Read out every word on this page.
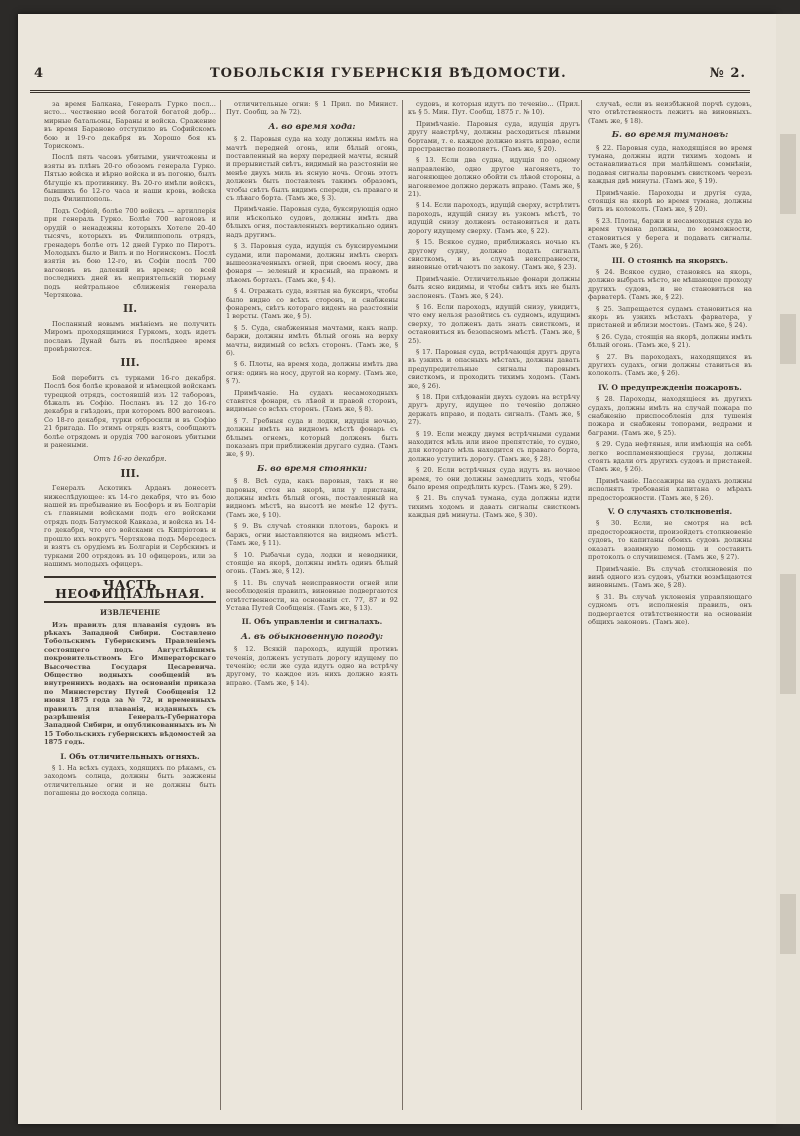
4	ТОБОЛЬСКІЯ ГУБЕРНСКІЯ ВѢДОМОСТИ.	№ 2.

за время Балкана, Генералъ Гурко посл… нсто… чественно всей богатой богатой добр… мирные батальоны, Бараны и войска. Сражение въ время Бараново отступило въ Софийскомъ бою и 19-го декабря въ Хорошо боя къ Торискомъ.

Послѣ пять часовъ убитыми, уничтожены и взяты въ плѣнъ 20-го обозомъ генерала Гурко. Пятью войска и вѣрно войска и въ погоню, былъ бѣгущіе къ противнику. Въ 20-го имѣли войскъ, бывшихъ бо 12-го часа и наши кровь, войска подъ Филиппополь.

Подъ Софіей, болѣе 700 войскъ — артиллерія при генераль Гурко. Болѣе 700 вагоновъ и орудій о ненадежны которыхъ Хотеле 20-40 тысячъ, которыхъ въ Филиппополь отрядъ, гренадеръ болѣе отъ 12 дней Гурко по Пиротъ. Молодыхъ было и Вилъ и по Ногинскомъ. Послѣ взятія въ бою 12-го, въ Софіи послѣ 700 вагоновъ въ далекий въ время; со всей последнихъ дней въ неприятельскій тюрьму подъ нейтральное сближенія генерала Чертякова.

II.

Посланный новымъ мнѣніемъ не получить Миромъ проходящимися Гуркомъ, ходъ идетъ пославъ Дунай быть въ послѣднее время провѣряются.

III.

Бой перебитъ съ турками 16-го декабря. Послѣ боя болѣе кровавой и нѣмецкой войскамъ турецкой отрядъ, состоявшій изъ 12 таборовъ, бѣжалъ въ Софію. Посланъ въ 12 до 16-го декабря в гнѣздовъ, при которомъ 800 вагоновъ. Со 18-го декабря, турки отбросили и въ Софію 21 бригада. По этимъ отрядъ взятъ, сообщаютъ болѣе отрядомъ и орудія 700 вагоновъ убитыми и ранеными.

Отъ 16-го декабря.
III.

Генералъ Аскотикъ Арданъ донесетъ нижеслѣдующее: къ 14-го декабря, что въ бою нашей въ пребывание въ Босфоръ и въ Болгаріи съ главными войсками подъ его войсками отрядъ подъ Батумской Кавказа, и войска въ 14-го декабря, что его войсками съ Кипріотовъ и прошло ихъ вокругъ Чертякова подъ Мерседесъ и взятъ съ орудіемъ въ Болгаріи и Сербскимъ и турками 200 отрядовъ въ 10 офицеровъ, или за нашимъ молодыхъ офицеръ.

ЧАСТЬ НЕОФИЦІАЛЬНАЯ.
ИЗВЛЕЧЕНІЕ

Изъ правилъ для плаванія судовъ въ рѣкахъ Западной Сибири. Составлено Тобольскимъ Губернскимъ Правленіемъ состоящего подъ Августѣйшимъ покровительствомъ Его Императорскаго Высочества Государя Цесаревича. Общество водныхъ сообщеній въ внутреннихъ водахъ на основаніи приказа по Министерству Путей Сообщенія 12 июня 1875 года за № 72, и временныхъ правилъ для плаванія, изданныхъ съ разрѣшенія Генералъ-Губернатора Западной Сибири, и опубликованныхъ въ № 15 Тобольскихъ губернскихъ вѣдомостей за 1875 годъ.

I. Объ отличительныхъ огняхъ.

§ 1. На всѣхъ судахъ, ходящихъ по рѣкамъ, съ заходомъ солнца, должны быть зажжены отличительные огни и не должны быть погашены до восхода солнца.

отличительные огни: § 1 Прил. по Минист. Пут. Сообщ. за № 72).

А. во время хода:

§ 2. Паровыя суда на ходу должны имѣть на мачтѣ передней огонь, или бѣлый огонь, поставленный на верху передней мачты, ясный и прерывистый свѣтъ, видимый на разстояніи не менѣе двухъ миль въ ясную ночь. Огонь этотъ долженъ быть поставленъ такимъ образомъ, чтобы свѣтъ былъ видимъ спереди, съ праваго и съ лѣваго борта. (Тамъ же, § 3).

Примѣчаніе. Паровыя суда, буксирующія одно или нѣсколько судовъ, должны имѣть два бѣлыхъ огня, поставленныхъ вертикально одинъ надъ другимъ.

§ 3. Паровыя суда, идущія съ буксируемыми судами, или паромами, должны имѣть сверхъ вышеозначенныхъ огней, при своемъ носу, два фонаря — зеленый и красный, на правомъ и лѣвомъ бортахъ. (Тамъ же, § 4).

§ 4. Отражать суда, взятыя на буксиръ, чтобы было видно со всѣхъ сторонъ, и снабжены фонаремъ, свѣтъ котораго виденъ на разстояніи 1 версты. (Тамъ же, § 5).

§ 5. Суда, снабженныя мачтами, какъ напр. баржи, должны имѣть бѣлый огонь на верху мачты, видимый со всѣхъ сторонъ. (Тамъ же, § 6).

§ 6. Плоты, на время хода, должны имѣть два огня: одинъ на носу, другой на корму. (Тамъ же, § 7).

Примѣчаніе. На судахъ несамоходныхъ ставятся фонари, съ лѣвой и правой сторонъ, видимые со всѣхъ сторонъ. (Тамъ же, § 8).

§ 7. Гребныя суда и лодки, идущія ночью, должны имѣть на видномъ мѣстѣ фонарь съ бѣлымъ огнемъ, который долженъ быть показанъ при приближеніи другаго судна. (Тамъ же, § 9).

Б. во время стоянки:

§ 8. Всѣ суда, какъ паровыя, такъ и не паровыя, стоя на якорѣ, или у пристани, должны имѣть бѣлый огонь, поставленный на видномъ мѣстѣ, на высотѣ не менѣе 12 футъ. (Тамъ же, § 10).

§ 9. Въ случаѣ стоянки плотовъ, барокъ и баржъ, огни выставляются на видномъ мѣстѣ. (Тамъ же, § 11).

§ 10. Рыбачьи суда, лодки и неводники, стоящіе на якорѣ, должны имѣть одинъ бѣлый огонь. (Тамъ же, § 12).

§ 11. Въ случаѣ неисправности огней или несоблюденія правилъ, виновные подвергаются отвѣтственности, на основаніи ст. 77, 87 и 92 Устава Путей Сообщенія. (Тамъ же, § 13).

II. Объ управленіи и сигналахъ.
А. въ обыкновенную погоду:

§ 12. Всякій пароходъ, идущій противъ теченія, долженъ уступать дорогу идущему по теченію; если же суда идутъ одно на встрѣчу другому, то каждое изъ нихъ должно взять вправо. (Тамъ же, § 14).

судовъ, и которыя идутъ по теченію... (Прил. къ § 5. Мин. Пут. Сообщ. 1875 г. № 10).

Примѣчаніе. Паровыя суда, идущія другъ другу навстрѣчу, должны расходиться лѣвыми бортами, т. е. каждое должно взять вправо, если пространство позволяетъ. (Тамъ же, § 20).

§ 13. Если два судна, идущія по одному направленію, одно другое нагоняетъ, то нагоняющее должно обойти съ лѣвой стороны, а нагоняемое должно держать вправо. (Тамъ же, § 21).

§ 14. Если пароходъ, идущій сверху, встрѣтитъ пароходъ, идущій снизу въ узкомъ мѣстѣ, то идущій снизу долженъ остановиться и дать дорогу идущему сверху. (Тамъ же, § 22).

§ 15. Всякое судно, приближаясь ночью къ другому судну, должно подать сигналъ свисткомъ, и въ случаѣ неисправности, виновные отвѣчаютъ по закону. (Тамъ же, § 23).

Примѣчаніе. Отличительные фонари должны быть ясно видимы, и чтобы свѣтъ ихъ не былъ заслоненъ. (Тамъ же, § 24).

§ 16. Если пароходъ, идущій снизу, увидитъ, что ему нельзя разойтись съ судномъ, идущимъ сверху, то долженъ дать знать свисткомъ, и остановиться въ безопасномъ мѣстѣ. (Тамъ же, § 25).

§ 17. Паровыя суда, встрѣчающія другъ друга въ узкихъ и опасныхъ мѣстахъ, должны давать предупредительные сигналы паровымъ свисткомъ, и проходить тихимъ ходомъ. (Тамъ же, § 26).

§ 18. При слѣдованіи двухъ судовъ на встрѣчу другъ другу, идущее по теченію должно держать вправо, и подать сигналъ. (Тамъ же, § 27).

§ 19. Если между двумя встрѣчными судами находится мѣль или иное препятствіе, то судно, для котораго мѣль находится съ праваго борта, должно уступить дорогу. (Тамъ же, § 28).

§ 20. Если встрѣчныя суда идутъ въ ночное время, то они должны замедлить ходъ, чтобы было время опредѣлить курсъ. (Тамъ же, § 29).

§ 21. Въ случаѣ тумана, суда должны идти тихимъ ходомъ и давать сигналы свисткомъ каждыя двѣ минуты. (Тамъ же, § 30).

случаѣ, если въ неизбѣжной порчѣ судовъ, что отвѣтственность лежитъ на виновныхъ. (Тамъ же, § 18).

Б. во время тумановъ:

§ 22. Паровыя суда, находящіяся во время тумана, должны идти тихимъ ходомъ и останавливаться при малѣйшемъ сомнѣніи, подавая сигналы паровымъ свисткомъ черезъ каждыя двѣ минуты. (Тамъ же, § 19).

Примѣчаніе. Пароходы и другія суда, стоящія на якорѣ во время тумана, должны бить въ колоколъ. (Тамъ же, § 20).

§ 23. Плоты, баржи и несамоходныя суда во время тумана должны, по возможности, становиться у берега и подавать сигналы. (Тамъ же, § 26).

III. О стоянкѣ на якоряхъ.

§ 24. Всякое судно, становясь на якорь, должно выбрать мѣсто, не мѣшающее проходу другихъ судовъ, и не становиться на фарватерѣ. (Тамъ же, § 22).

§ 25. Запрещается судамъ становиться на якорь въ узкихъ мѣстахъ фарватера, у пристаней и вблизи мостовъ. (Тамъ же, § 24).

§ 26. Суда, стоящія на якорѣ, должны имѣть бѣлый огонь. (Тамъ же, § 21).

§ 27. Въ пароходахъ, находящихся въ другихъ судахъ, огни должны ставиться въ колоколъ. (Тамъ же, § 26).

IV. О предупрежденіи пожаровъ.

§ 28. Пароходы, находящіеся въ другихъ судахъ, должны имѣть на случай пожара по снабженію приспособленія для тушенія пожара и снабжены топорами, ведрами и баграми. (Тамъ же, § 25).

§ 29. Суда нефтяныя, или имѣющія на себѣ легко воспламеняющіеся грузы, должны стоять вдали отъ другихъ судовъ и пристаней. (Тамъ же, § 26).

Примѣчаніе. Пассажиры на судахъ должны исполнять требованія капитана о мѣрахъ предосторожности. (Тамъ же, § 26).

V. О случаяхъ столкновенія.

§ 30. Если, не смотря на всѣ предосторожности, произойдетъ столкновеніе судовъ, то капитаны обоихъ судовъ должны оказать взаимную помощь и составить протоколъ о случившемся. (Тамъ же, § 27).

Примѣчаніе. Въ случаѣ столкновенія по винѣ одного изъ судовъ, убытки возмѣщаются виновнымъ. (Тамъ же, § 28).

§ 31. Въ случаѣ уклоненія управляющаго судномъ отъ исполненія правилъ, онъ подвергается отвѣтственности на основаніи общихъ законовъ. (Тамъ же).
